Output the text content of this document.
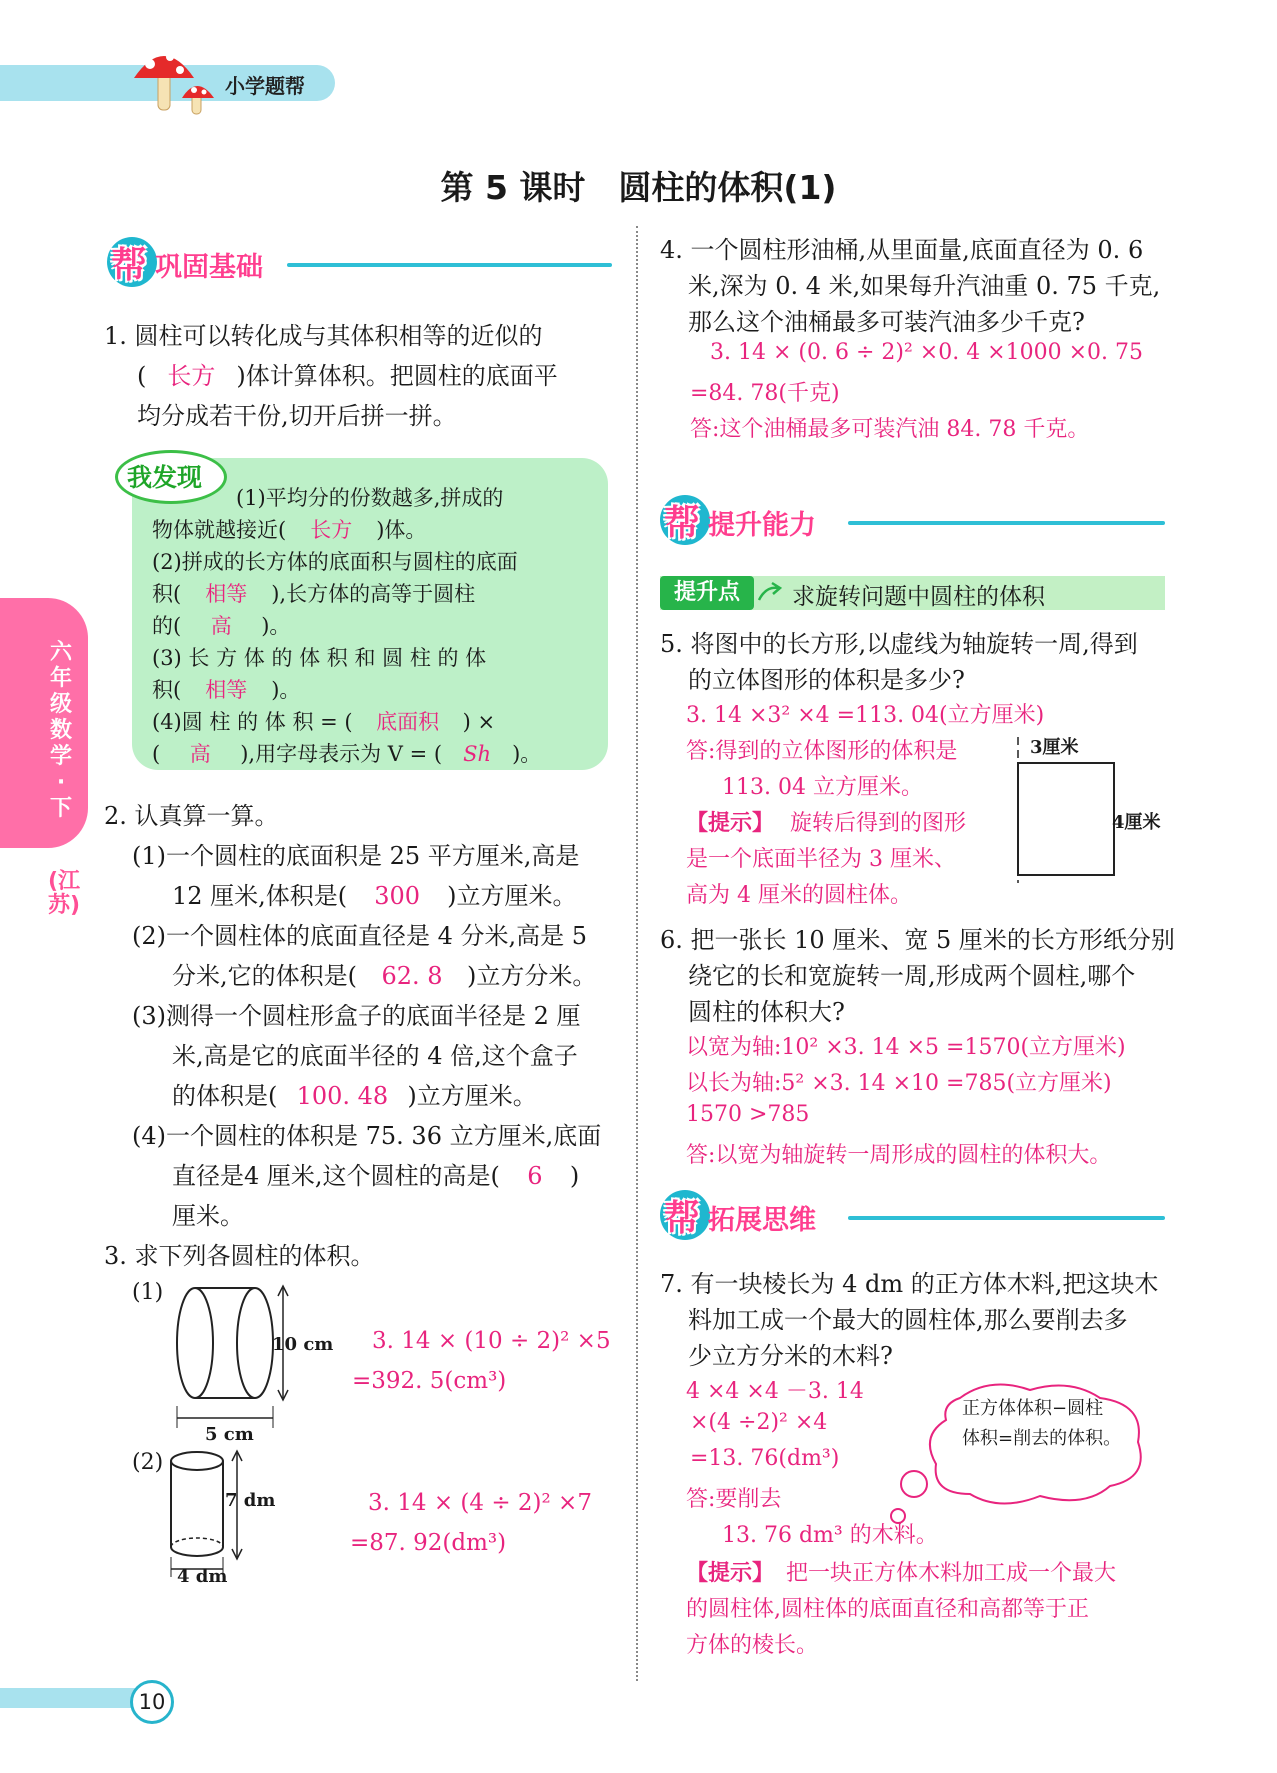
小学题帮
第 5 课时　圆柱的体积(1)
帮 巩固基础
1. 圆柱可以转化成与其体积相等的近似的
( 长方 )体计算体积。把圆柱的底面平
均分成若干份,切开后拼一拼。
我发现
(1)平均分的份数越多,拼成的
物体就越接近( 长方 )体。
(2)拼成的长方体的底面积与圆柱的底面
积( 相等 ),长方体的高等于圆柱
的( 高 )。
(3) 长 方 体 的 体 积 和 圆 柱 的 体
积( 相等 )。
(4)圆 柱 的 体 积 = ( 底面积 ) ×
( 高 ),用字母表示为 V = ( Sh )。
六年级数学·下
(江苏)
2. 认真算一算。
(1)一个圆柱的底面积是 25 平方厘米,高是
12 厘米,体积是( 300 )立方厘米。
(2)一个圆柱体的底面直径是 4 分米,高是 5
分米,它的体积是( 62. 8 )立方分米。
(3)测得一个圆柱形盒子的底面半径是 2 厘
米,高是它的底面半径的 4 倍,这个盒子
的体积是( 100. 48 )立方厘米。
(4)一个圆柱的体积是 75. 36 立方厘米,底面
直径是4 厘米,这个圆柱的高是( 6 )
厘米。
3. 求下列各圆柱的体积。
(1)
10 cm
5 cm
3. 14 × (10 ÷ 2)² ×5
=392. 5(cm³)
(2)
7 dm
4 dm
3. 14 × (4 ÷ 2)² ×7
=87. 92(dm³)
4. 一个圆柱形油桶,从里面量,底面直径为 0. 6
米,深为 0. 4 米,如果每升汽油重 0. 75 千克,
那么这个油桶最多可装汽油多少千克?
3. 14 × (0. 6 ÷ 2)² ×0. 4 ×1000 ×0. 75
=84. 78(千克)
答:这个油桶最多可装汽油 84. 78 千克。
帮 提升能力
提升点	求旋转问题中圆柱的体积
5. 将图中的长方形,以虚线为轴旋转一周,得到
的立体图形的体积是多少?
3. 14 ×3² ×4 =113. 04(立方厘米)
答:得到的立体图形的体积是
113. 04 立方厘米。
【提示】 旋转后得到的图形
是一个底面半径为 3 厘米、
高为 4 厘米的圆柱体。
3厘米
4厘米
6. 把一张长 10 厘米、宽 5 厘米的长方形纸分别
绕它的长和宽旋转一周,形成两个圆柱,哪个
圆柱的体积大?
以宽为轴:10² ×3. 14 ×5 =1570(立方厘米)
以长为轴:5² ×3. 14 ×10 =785(立方厘米)
1570 >785
答:以宽为轴旋转一周形成的圆柱的体积大。
帮 拓展思维
7. 有一块棱长为 4 dm 的正方体木料,把这块木
料加工成一个最大的圆柱体,那么要削去多
少立方分米的木料?
4 ×4 ×4 －3. 14
×(4 ÷2)² ×4
=13. 76(dm³)
答:要削去
13. 76 dm³ 的木料。
正方体体积−圆柱
体积=削去的体积。
【提示】 把一块正方体木料加工成一个最大
的圆柱体,圆柱体的底面直径和高都等于正
方体的棱长。
10
